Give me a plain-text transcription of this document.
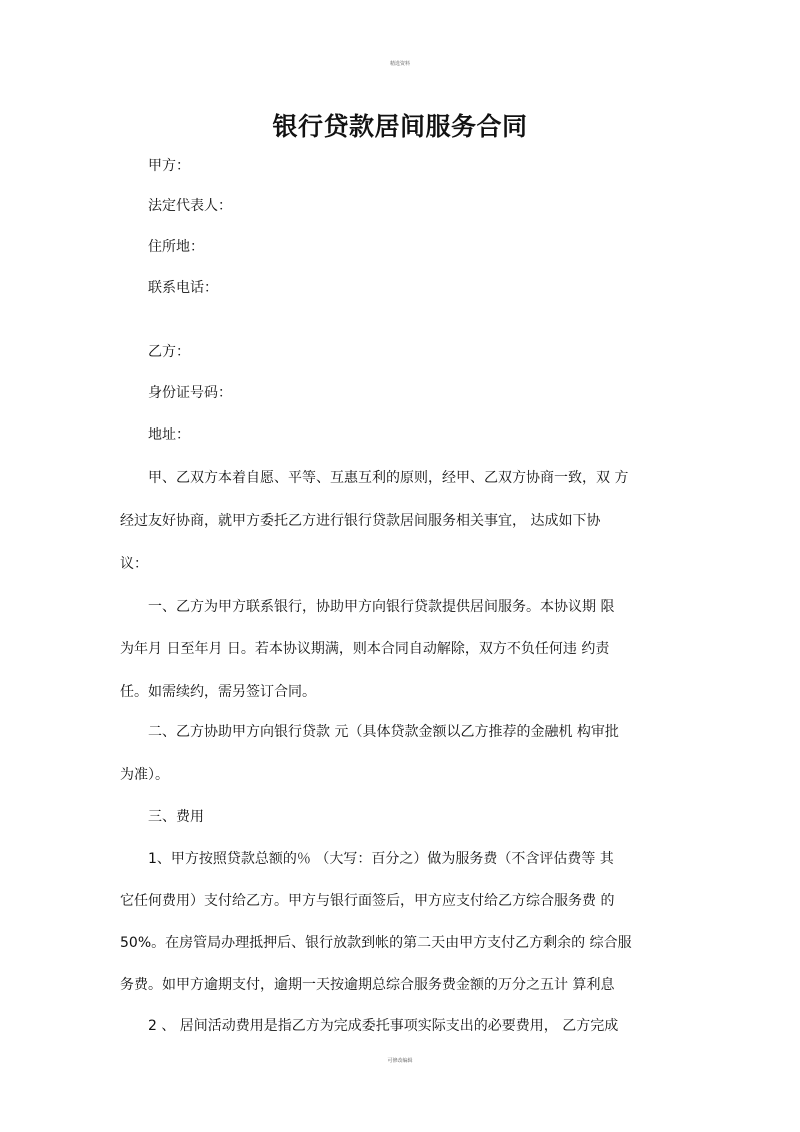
精选资料
银行贷款居间服务合同
甲方：
法定代表人：
住所地：
联系电话：
乙方：
身份证号码：
地址：
甲、乙双方本着自愿、平等、互惠互利的原则，经甲、乙双方协商一致，双 方
经过友好协商，就甲方委托乙方进行银行贷款居间服务相关事宜， 达成如下协
议：
一、乙方为甲方联系银行，协助甲方向银行贷款提供居间服务。本协议期 限
为年月 日至年月 日。若本协议期满，则本合同自动解除，双方不负任何违 约责
任。如需续约，需另签订合同。
二、乙方协助甲方向银行贷款 元（具体贷款金额以乙方推荐的金融机 构审批
为准）。
三、费用
1、甲方按照贷款总额的％ （大写：百分之）做为服务费（不含评估费等 其
它任何费用）支付给乙方。甲方与银行面签后，甲方应支付给乙方综合服务费 的
50%。在房管局办理抵押后、银行放款到帐的第二天由甲方支付乙方剩余的 综合服
务费。如甲方逾期支付，逾期一天按逾期总综合服务费金额的万分之五计 算利息
2 、 居间活动费用是指乙方为完成委托事项实际支出的必要费用， 乙方完成
可修改编辑
